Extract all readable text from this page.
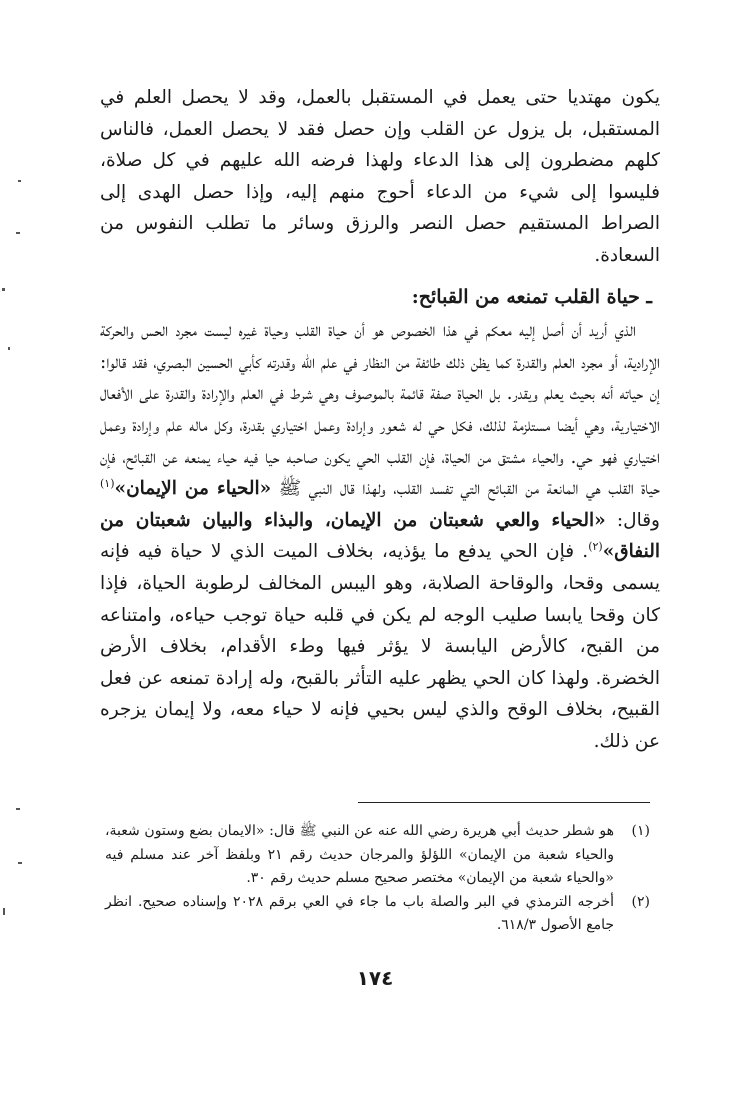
يكون مهتديا حتى يعمل في المستقبل بالعمل، وقد لا يحصل العلم في المستقبل، بل يزول عن القلب وإن حصل فقد لا يحصل العمل، فالناس كلهم مضطرون إلى هذا الدعاء ولهذا فرضه الله عليهم في كل صلاة، فليسوا إلى شيء من الدعاء أحوج منهم إليه، وإذا حصل الهدى إلى الصراط المستقيم حصل النصر والرزق وسائر ما تطلب النفوس من السعادة.

ـ حياة القلب تمنعه من القبائح:

الذي أريد أن أصل إليه معكم في هذا الخصوص هو أن حياة القلب وحياة غيره ليست مجرد الحس والحركة الإرادية، أو مجرد العلم والقدرة كما يظن ذلك طائفة من النظار في علم الله وقدرته كأبي الحسين البصري، فقد قالوا: إن حياته أنه بحيث يعلم ويقدر. بل الحياة صفة قائمة بالموصوف وهي شرط في العلم والإرادة والقدرة على الأفعال الاختيارية، وهي أيضا مستلزمة لذلك، فكل حي له شعور وإرادة وعمل اختياري بقدرة، وكل ماله علم وإرادة وعمل اختياري فهو حي. والحياء مشتق من الحياة، فإن القلب الحي يكون صاحبه حيا فيه حياء يمنعه عن القبائح، فإن حياة القلب هي المانعة من القبائح التي تفسد القلب، ولهذا قال النبي ﷺ «الحياء من الإيمان»$^{(١)}$ وقال: «الحياء والعي شعبتان من الإيمان، والبذاء والبيان شعبتان من النفاق»$^{(٢)}$. فإن الحي يدفع ما يؤذيه، بخلاف الميت الذي لا حياة فيه فإنه يسمى وقحا، والوقاحة الصلابة، وهو اليبس المخالف لرطوبة الحياة، فإذا كان وقحا يابسا صليب الوجه لم يكن في قلبه حياة توجب حياءه، وامتناعه من القبح، كالأرض اليابسة لا يؤثر فيها وطء الأقدام، بخلاف الأرض الخضرة. ولهذا كان الحي يظهر عليه التأثر بالقبح، وله إرادة تمنعه عن فعل القبيح، بخلاف الوقح والذي ليس بحيي فإنه لا حياء معه، ولا إيمان يزجره عن ذلك.

(١)
هو شطر حديث أبي هريرة رضي الله عنه عن النبي ﷺ قال: «الايمان بضع وستون شعبة، والحياء شعبة من الإيمان» اللؤلؤ والمرجان حديث رقم ٢١ وبلفظ آخر عند مسلم فيه «والحياء شعبة من الإيمان» مختصر صحيح مسلم حديث رقم ٣٠.

(٢)
أخرجه الترمذي في البر والصلة باب ما جاء في العي برقم ٢٠٢٨ وإسناده صحيح. انظر جامع الأصول ٦١٨/٣.

١٧٤
